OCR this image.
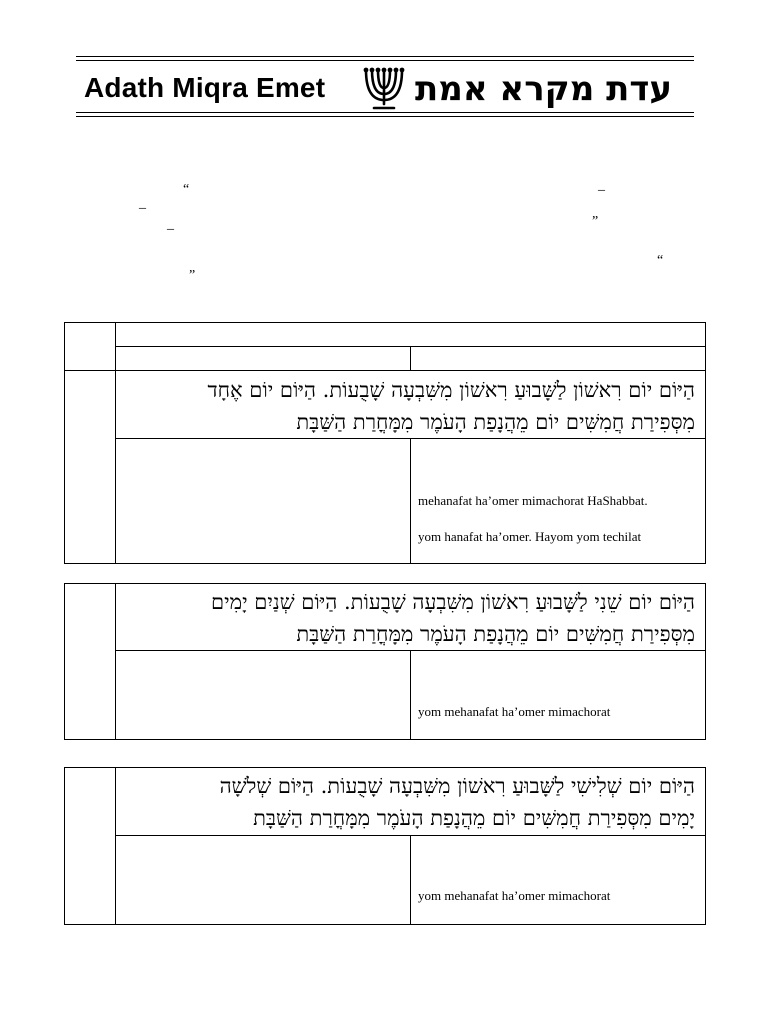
Adath Miqra Emet	עדת מקרא אמת
“	_
_
_	”
“
”
הַיּוֹם יוֹם רִאשׁוֹן לַשָּׁבוּעַ רִאשׁוֹן מִשִּׁבְעָה שָׁבֻעוֹת. הַיּוֹם יוֹם אֶחָד
מִסְּפִירַת חֲמִשִּׁים יוֹם מֵהֲנָפַת הָעֹמֶר מִמָּחֳרַת הַשַּׁבָּת
mehanafat ha’omer mimachorat HaShabbat.
yom hanafat ha’omer. Hayom yom techilat
הַיּוֹם יוֹם שֵׁנִי לַשָּׁבוּעַ רִאשׁוֹן מִשִּׁבְעָה שָׁבֻעוֹת. הַיּוֹם שְׁנַיִם יָמִים
מִסְּפִירַת חֲמִשִּׁים יוֹם מֵהֲנָפַת הָעֹמֶר מִמָּחֳרַת הַשַּׁבָּת
yom mehanafat ha’omer mimachorat
הַיּוֹם יוֹם שְׁלִישִׁי לַשָּׁבוּעַ רִאשׁוֹן מִשִּׁבְעָה שָׁבֻעוֹת. הַיּוֹם שְׁלֹשָׁה
יָמִים מִסְּפִירַת חֲמִשִּׁים יוֹם מֵהֲנָפַת הָעֹמֶר מִמָּחֳרַת הַשַּׁבָּת
yom mehanafat ha’omer mimachorat
